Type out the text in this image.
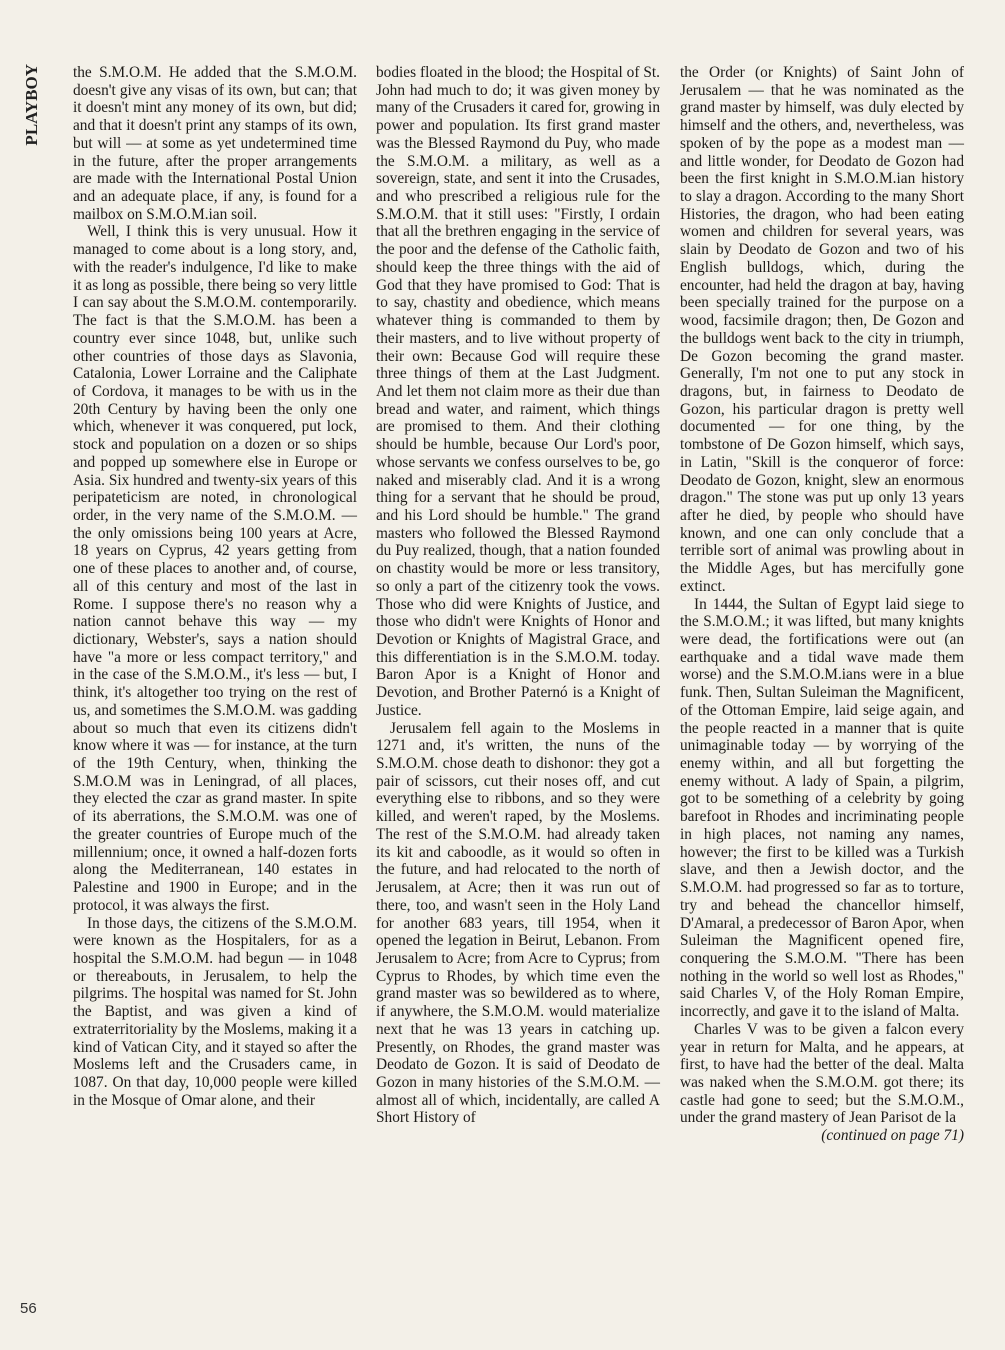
PLAYBOY	the S.M.O.M. He added that the S.M.O.M. doesn't give any visas of its own, but can; that it doesn't mint any money of its own, but did; and that it doesn't print any stamps of its own, but will — at some as yet undetermined time in the future, after the proper arrangements are made with the International Postal Union and an adequate place, if any, is found for a mailbox on S.M.O.M.ian soil.

Well, I think this is very unusual. How it managed to come about is a long story, and, with the reader's indulgence, I'd like to make it as long as possible, there being so very little I can say about the S.M.O.M. contemporarily. The fact is that the S.M.O.M. has been a country ever since 1048, but, unlike such other countries of those days as Slavonia, Catalonia, Lower Lorraine and the Caliphate of Cordova, it manages to be with us in the 20th Century by having been the only one which, whenever it was conquered, put lock, stock and population on a dozen or so ships and popped up somewhere else in Europe or Asia. Six hundred and twenty-six years of this peripateticism are noted, in chronological order, in the very name of the S.M.O.M. — the only omissions being 100 years at Acre, 18 years on Cyprus, 42 years getting from one of these places to another and, of course, all of this century and most of the last in Rome. I suppose there's no reason why a nation cannot behave this way — my dictionary, Webster's, says a nation should have "a more or less compact territory," and in the case of the S.M.O.M., it's less — but, I think, it's altogether too trying on the rest of us, and sometimes the S.M.O.M. was gadding about so much that even its citizens didn't know where it was — for instance, at the turn of the 19th Century, when, thinking the S.M.O.M was in Leningrad, of all places, they elected the czar as grand master. In spite of its aberrations, the S.M.O.M. was one of the greater countries of Europe much of the millennium; once, it owned a half-dozen forts along the Mediterranean, 140 estates in Palestine and 1900 in Europe; and in the protocol, it was always the first.

In those days, the citizens of the S.M.O.M. were known as the Hospitalers, for as a hospital the S.M.O.M. had begun — in 1048 or thereabouts, in Jerusalem, to help the pilgrims. The hospital was named for St. John the Baptist, and was given a kind of extraterritoriality by the Moslems, making it a kind of Vatican City, and it stayed so after the Moslems left and the Crusaders came, in 1087. On that day, 10,000 people were killed in the Mosque of Omar alone, and their

bodies floated in the blood; the Hospital of St. John had much to do; it was given money by many of the Crusaders it cared for, growing in power and population. Its first grand master was the Blessed Raymond du Puy, who made the S.M.O.M. a military, as well as a sovereign, state, and sent it into the Crusades, and who prescribed a religious rule for the S.M.O.M. that it still uses: "Firstly, I ordain that all the brethren engaging in the service of the poor and the defense of the Catholic faith, should keep the three things with the aid of God that they have promised to God: That is to say, chastity and obedience, which means whatever thing is commanded to them by their masters, and to live without property of their own: Because God will require these three things of them at the Last Judgment. And let them not claim more as their due than bread and water, and raiment, which things are promised to them. And their clothing should be humble, because Our Lord's poor, whose servants we confess ourselves to be, go naked and miserably clad. And it is a wrong thing for a servant that he should be proud, and his Lord should be humble." The grand masters who followed the Blessed Raymond du Puy realized, though, that a nation founded on chastity would be more or less transitory, so only a part of the citizenry took the vows. Those who did were Knights of Justice, and those who didn't were Knights of Honor and Devotion or Knights of Magistral Grace, and this differentiation is in the S.M.O.M. today. Baron Apor is a Knight of Honor and Devotion, and Brother Paternó is a Knight of Justice.

Jerusalem fell again to the Moslems in 1271 and, it's written, the nuns of the S.M.O.M. chose death to dishonor: they got a pair of scissors, cut their noses off, and cut everything else to ribbons, and so they were killed, and weren't raped, by the Moslems. The rest of the S.M.O.M. had already taken its kit and caboodle, as it would so often in the future, and had relocated to the north of Jerusalem, at Acre; then it was run out of there, too, and wasn't seen in the Holy Land for another 683 years, till 1954, when it opened the legation in Beirut, Lebanon. From Jerusalem to Acre; from Acre to Cyprus; from Cyprus to Rhodes, by which time even the grand master was so bewildered as to where, if anywhere, the S.M.O.M. would materialize next that he was 13 years in catching up. Presently, on Rhodes, the grand master was Deodato de Gozon. It is said of Deodato de Gozon in many histories of the S.M.O.M. — almost all of which, incidentally, are called A Short History of

the Order (or Knights) of Saint John of Jerusalem — that he was nominated as the grand master by himself, was duly elected by himself and the others, and, nevertheless, was spoken of by the pope as a modest man — and little wonder, for Deodato de Gozon had been the first knight in S.M.O.M.ian history to slay a dragon. According to the many Short Histories, the dragon, who had been eating women and children for several years, was slain by Deodato de Gozon and two of his English bulldogs, which, during the encounter, had held the dragon at bay, having been specially trained for the purpose on a wood, facsimile dragon; then, De Gozon and the bulldogs went back to the city in triumph, De Gozon becoming the grand master. Generally, I'm not one to put any stock in dragons, but, in fairness to Deodato de Gozon, his particular dragon is pretty well documented — for one thing, by the tombstone of De Gozon himself, which says, in Latin, "Skill is the conqueror of force: Deodato de Gozon, knight, slew an enormous dragon." The stone was put up only 13 years after he died, by people who should have known, and one can only conclude that a terrible sort of animal was prowling about in the Middle Ages, but has mercifully gone extinct.

In 1444, the Sultan of Egypt laid siege to the S.M.O.M.; it was lifted, but many knights were dead, the fortifications were out (an earthquake and a tidal wave made them worse) and the S.M.O.M.ians were in a blue funk. Then, Sultan Suleiman the Magnificent, of the Ottoman Empire, laid seige again, and the people reacted in a manner that is quite unimaginable today — by worrying of the enemy within, and all but forgetting the enemy without. A lady of Spain, a pilgrim, got to be something of a celebrity by going barefoot in Rhodes and incriminating people in high places, not naming any names, however; the first to be killed was a Turkish slave, and then a Jewish doctor, and the S.M.O.M. had progressed so far as to torture, try and behead the chancellor himself, D'Amaral, a predecessor of Baron Apor, when Suleiman the Magnificent opened fire, conquering the S.M.O.M. "There has been nothing in the world so well lost as Rhodes," said Charles V, of the Holy Roman Empire, incorrectly, and gave it to the island of Malta.

Charles V was to be given a falcon every year in return for Malta, and he appears, at first, to have had the better of the deal. Malta was naked when the S.M.O.M. got there; its castle had gone to seed; but the S.M.O.M., under the grand mastery of Jean Parisot de la

(continued on page 71)

56
